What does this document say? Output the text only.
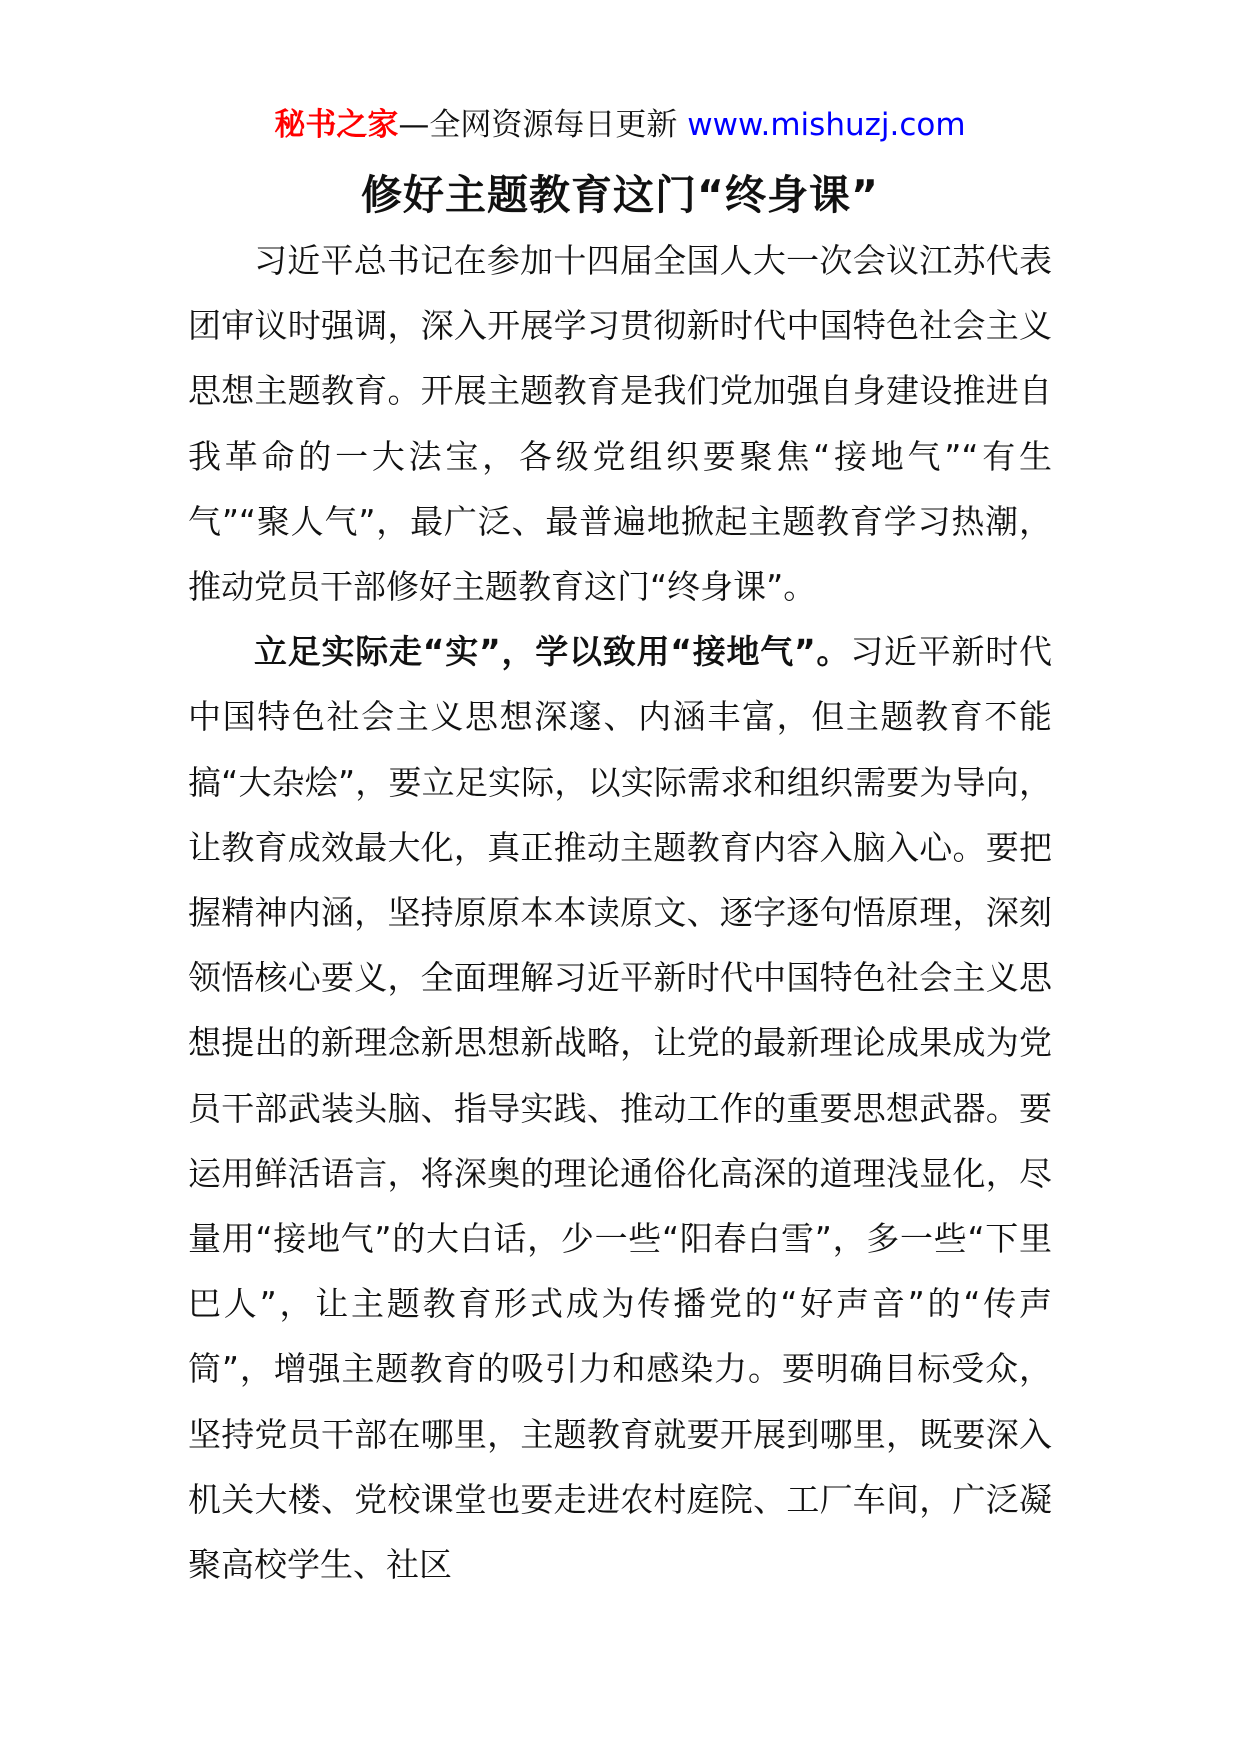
秘书之家—全网资源每日更新 www.mishuzj.com
修好主题教育这门“终身课”

习近平总书记在参加十四届全国人大一次会议江苏代表团审议时强调，深入开展学习贯彻新时代中国特色社会主义思想主题教育。开展主题教育是我们党加强自身建设推进自我革命的一大法宝，各级党组织要聚焦“接地气”“有生气”“聚人气”，最广泛、最普遍地掀起主题教育学习热潮，推动党员干部修好主题教育这门“终身课”。

立足实际走“实”，学以致用“接地气”。习近平新时代中国特色社会主义思想深邃、内涵丰富，但主题教育不能搞“大杂烩”，要立足实际，以实际需求和组织需要为导向，让教育成效最大化，真正推动主题教育内容入脑入心。要把握精神内涵，坚持原原本本读原文、逐字逐句悟原理，深刻领悟核心要义，全面理解习近平新时代中国特色社会主义思想提出的新理念新思想新战略，让党的最新理论成果成为党员干部武装头脑、指导实践、推动工作的重要思想武器。要运用鲜活语言，将深奥的理论通俗化高深的道理浅显化，尽量用“接地气”的大白话，少一些“阳春白雪”，多一些“下里巴人”，让主题教育形式成为传播党的“好声音”的“传声筒”，增强主题教育的吸引力和感染力。要明确目标受众，坚持党员干部在哪里，主题教育就要开展到哪里，既要深入机关大楼、党校课堂也要走进农村庭院、工厂车间，广泛凝聚高校学生、社区
